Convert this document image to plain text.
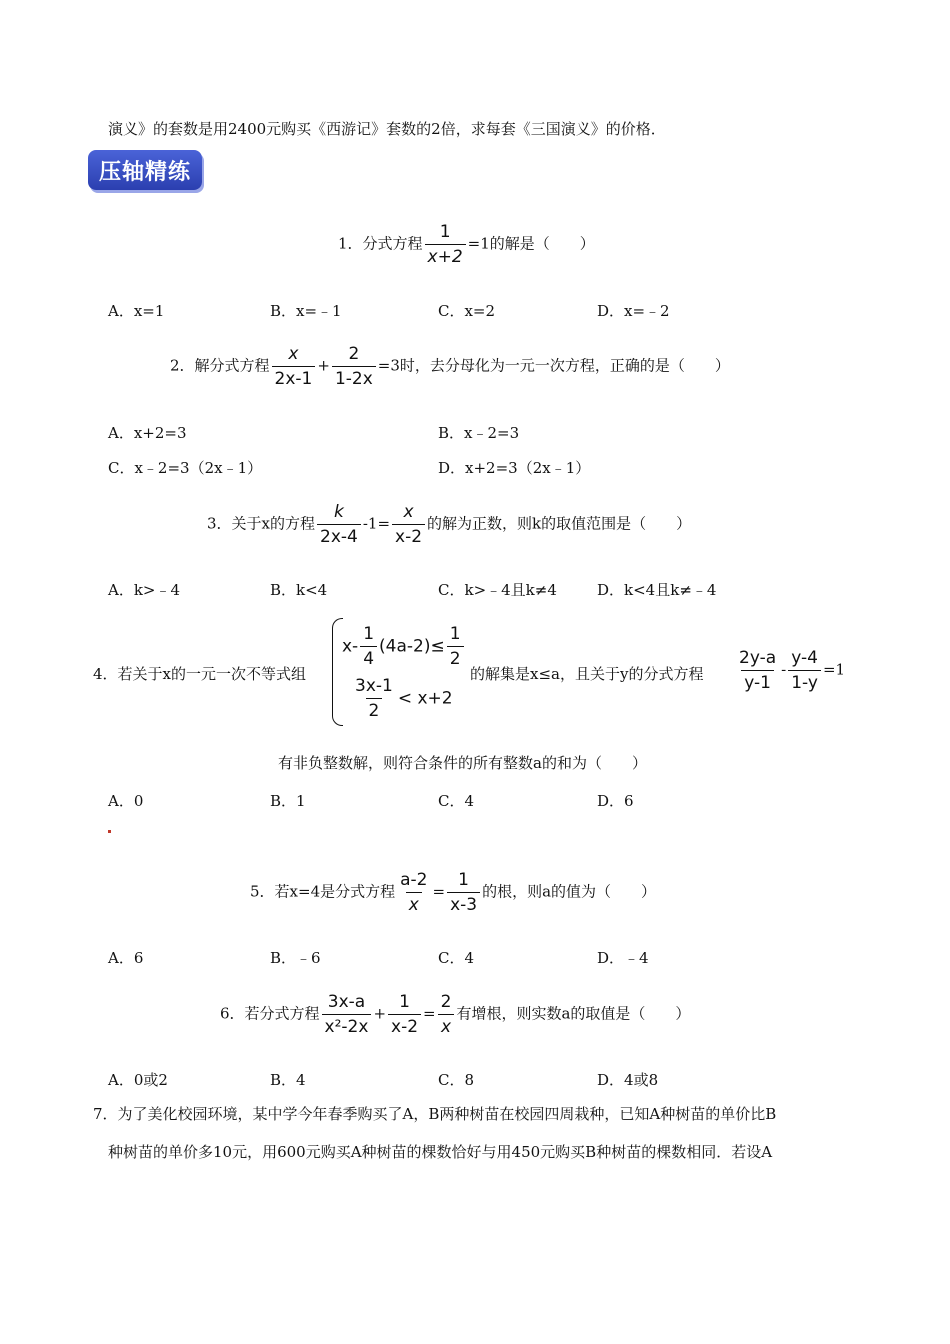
演义》的套数是用2400元购买《西游记》套数的2倍，求每套《三国演义》的价格．
压轴精练
1．分式方程 $\frac{1}{x+2} =1$的解是（　　）
A．x=1	B．x=﹣1	C．x=2	D．x=﹣2
2．解分式方程 $\frac{x}{2x-1} + \frac{2}{1-2x} =3$时，去分母化为一元一次方程，正确的是（　　）
A．x+2=3	B．x﹣2=3
C．x﹣2=3（2x﹣1）	D．x+2=3（2x﹣1）
3．关于x的方程 $\frac{k}{2x-4} -1= \frac{x}{x-2}$ 的解为正数，则k的取值范围是（　　）
A．k>﹣4	B．k<4	C．k>﹣4且k≠4	D．k<4且k≠﹣4
4．若关于x的一元一次不等式组
$x- \frac{1}{4} (4a-2)\le \frac{1}{2}$
$\frac{3x-1}{2} < x+2$
的解集是x≤a，且关于y的分式方程 $\frac{2y-a}{y-1} - \frac{y-4}{1-y} =1$
有非负整数解，则符合条件的所有整数a的和为（　　）
A．0	B．1	C．4	D．6
5．若x=4是分式方程 $\frac{a-2}{x} = \frac{1}{x-3}$ 的根，则a的值为（　　）
A．6	B．﹣6	C．4	D．﹣4
6．若分式方程 $\frac{3x-a}{\text{x²-2x}} + \frac{1}{x-2} = \frac{2}{x}$ 有增根，则实数a的取值是（　　）
A．0或2	B．4	C．8	D．4或8
7．为了美化校园环境，某中学今年春季购买了A，B两种树苗在校园四周栽种，已知A种树苗的单价比B
种树苗的单价多10元，用600元购买A种树苗的棵数恰好与用450元购买B种树苗的棵数相同．若设A
